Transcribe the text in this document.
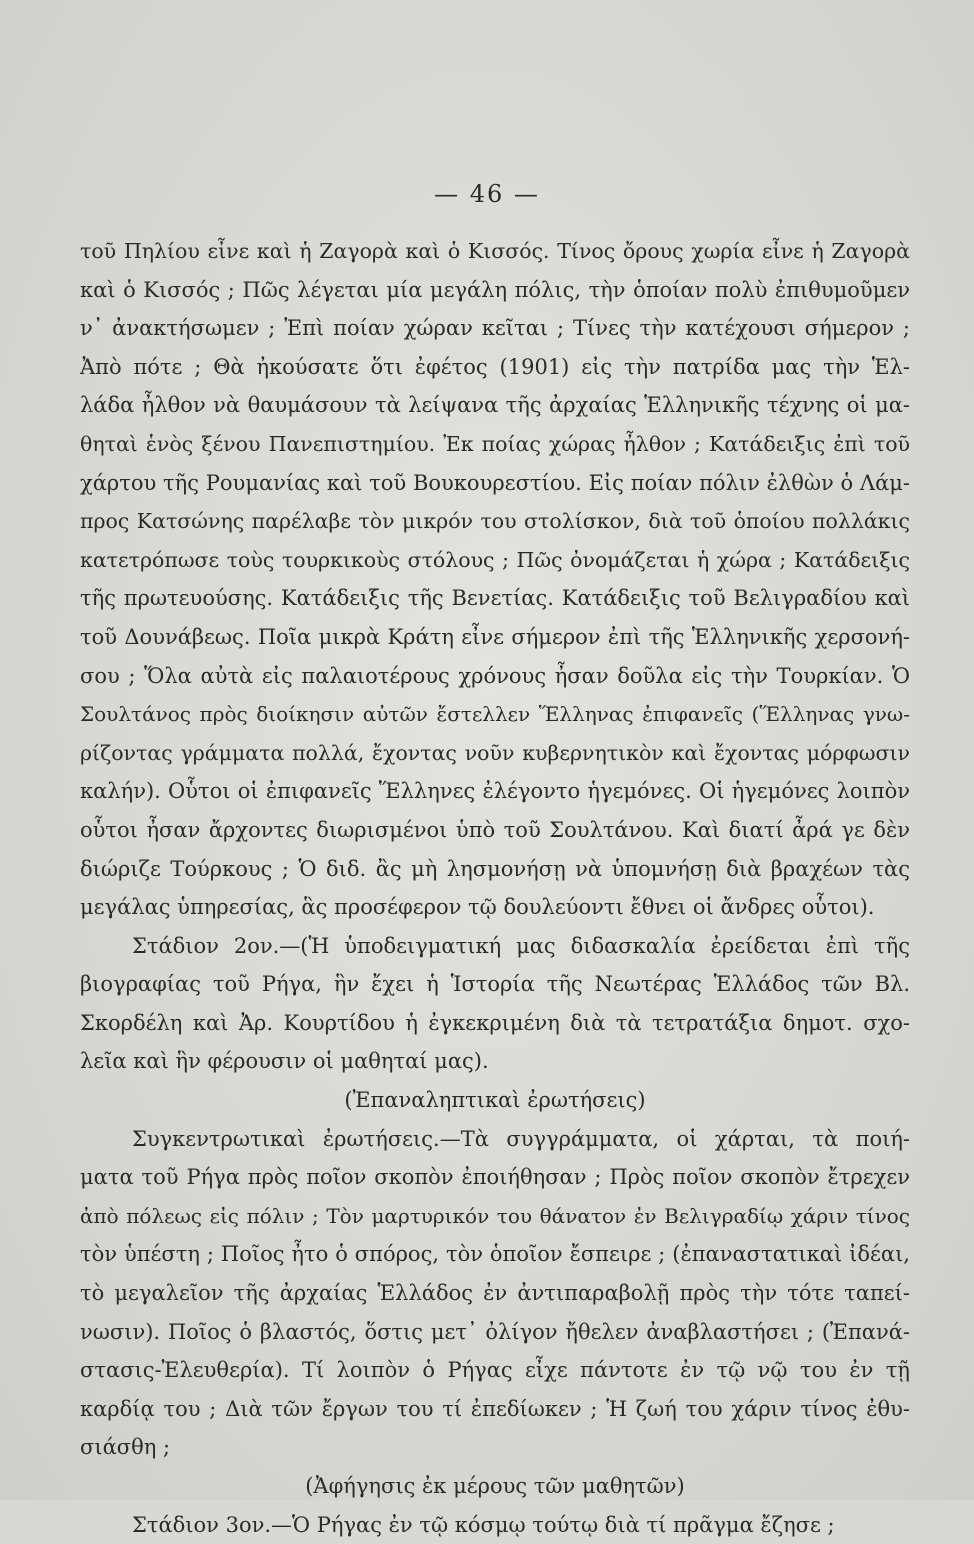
— 46 —
τοῦ Πηλίου εἶνε καὶ ἡ Ζαγορὰ καὶ ὁ Κισσός. Τίνος ὄρους χωρία εἶνε ἡ Ζαγορὰ
καὶ ὁ Κισσός ; Πῶς λέγεται μία μεγάλη πόλις, τὴν ὁποίαν πολὺ ἐπιθυμοῦμεν
ν᾽ ἀνακτήσωμεν ; Ἐπὶ ποίαν χώραν κεῖται ; Τίνες τὴν κατέχουσι σήμερον ;
Ἀπὸ πότε ; Θὰ ἠκούσατε ὅτι ἐφέτος (1901) εἰς τὴν πατρίδα μας τὴν Ἑλ-
λάδα ἦλθον νὰ θαυμάσουν τὰ λείψανα τῆς ἀρχαίας Ἑλληνικῆς τέχνης οἱ μα-
θηταὶ ἑνὸς ξένου Πανεπιστημίου. Ἐκ ποίας χώρας ἦλθον ; Κατάδειξις ἐπὶ τοῦ
χάρτου τῆς Ρουμανίας καὶ τοῦ Βουκουρεστίου. Εἰς ποίαν πόλιν ἐλθὼν ὁ Λάμ-
προς Κατσώνης παρέλαβε τὸν μικρόν του στολίσκον, διὰ τοῦ ὁποίου πολλάκις
κατετρόπωσε τοὺς τουρκικοὺς στόλους ; Πῶς ὀνομάζεται ἡ χώρα ; Κατάδειξις
τῆς πρωτευούσης. Κατάδειξις τῆς Βενετίας. Κατάδειξις τοῦ Βελιγραδίου καὶ
τοῦ Δουνάβεως. Ποῖα μικρὰ Κράτη εἶνε σήμερον ἐπὶ τῆς Ἑλληνικῆς χερσονή-
σου ; Ὅλα αὐτὰ εἰς παλαιοτέρους χρόνους ἦσαν δοῦλα εἰς τὴν Τουρκίαν. Ὁ
Σουλτάνος πρὸς διοίκησιν αὐτῶν ἔστελλεν Ἕλληνας ἐπιφανεῖς (Ἕλληνας γνω-
ρίζοντας γράμματα πολλά, ἔχοντας νοῦν κυβερνητικὸν καὶ ἔχοντας μόρφωσιν
καλήν). Οὗτοι οἱ ἐπιφανεῖς Ἕλληνες ἐλέγοντο ἡγεμόνες. Οἱ ἡγεμόνες λοιπὸν
οὗτοι ἦσαν ἄρχοντες διωρισμένοι ὑπὸ τοῦ Σουλτάνου. Καὶ διατί ἆρά γε δὲν
διώριζε Τούρκους ; Ὁ διδ. ἂς μὴ λησμονήσῃ νὰ ὑπομνήσῃ διὰ βραχέων τὰς
μεγάλας ὑπηρεσίας, ἃς προσέφερον τῷ δουλεύοντι ἔθνει οἱ ἄνδρες οὗτοι).
Στάδιον 2ον.—(Ἡ ὑποδειγματική μας διδασκαλία ἐρείδεται ἐπὶ τῆς
βιογραφίας τοῦ Ρήγα, ἣν ἔχει ἡ Ἱστορία τῆς Νεωτέρας Ἑλλάδος τῶν Βλ.
Σκορδέλη καὶ Ἀρ. Κουρτίδου ἡ ἐγκεκριμένη διὰ τὰ τετρατάξια δημοτ. σχο-
λεῖα καὶ ἣν φέρουσιν οἱ μαθηταί μας).
(Ἐπαναληπτικαὶ ἐρωτήσεις)
Συγκεντρωτικαὶ ἐρωτήσεις.—Τὰ συγγράμματα, οἱ χάρται, τὰ ποιή-
ματα τοῦ Ρήγα πρὸς ποῖον σκοπὸν ἐποιήθησαν ; Πρὸς ποῖον σκοπὸν ἔτρεχεν
ἀπὸ πόλεως εἰς πόλιν ; Τὸν μαρτυρικόν του θάνατον ἐν Βελιγραδίῳ χάριν τίνος
τὸν ὑπέστη ; Ποῖος ἦτο ὁ σπόρος, τὸν ὁποῖον ἔσπειρε ; (ἐπαναστατικαὶ ἰδέαι,
τὸ μεγαλεῖον τῆς ἀρχαίας Ἑλλάδος ἐν ἀντιπαραβολῇ πρὸς τὴν τότε ταπεί-
νωσιν). Ποῖος ὁ βλαστός, ὅστις μετ᾽ ὀλίγον ἤθελεν ἀναβλαστήσει ; (Ἐπανά-
στασις-Ἐλευθερία). Τί λοιπὸν ὁ Ρήγας εἶχε πάντοτε ἐν τῷ νῷ του ἐν τῇ
καρδίᾳ του ; Διὰ τῶν ἔργων του τί ἐπεδίωκεν ; Ἡ ζωή του χάριν τίνος ἐθυ-
σιάσθη ;
(Ἀφήγησις ἐκ μέρους τῶν μαθητῶν)
Στάδιον 3ον.—Ὁ Ρήγας ἐν τῷ κόσμῳ τούτῳ διὰ τί πρᾶγμα ἔζησε ;
